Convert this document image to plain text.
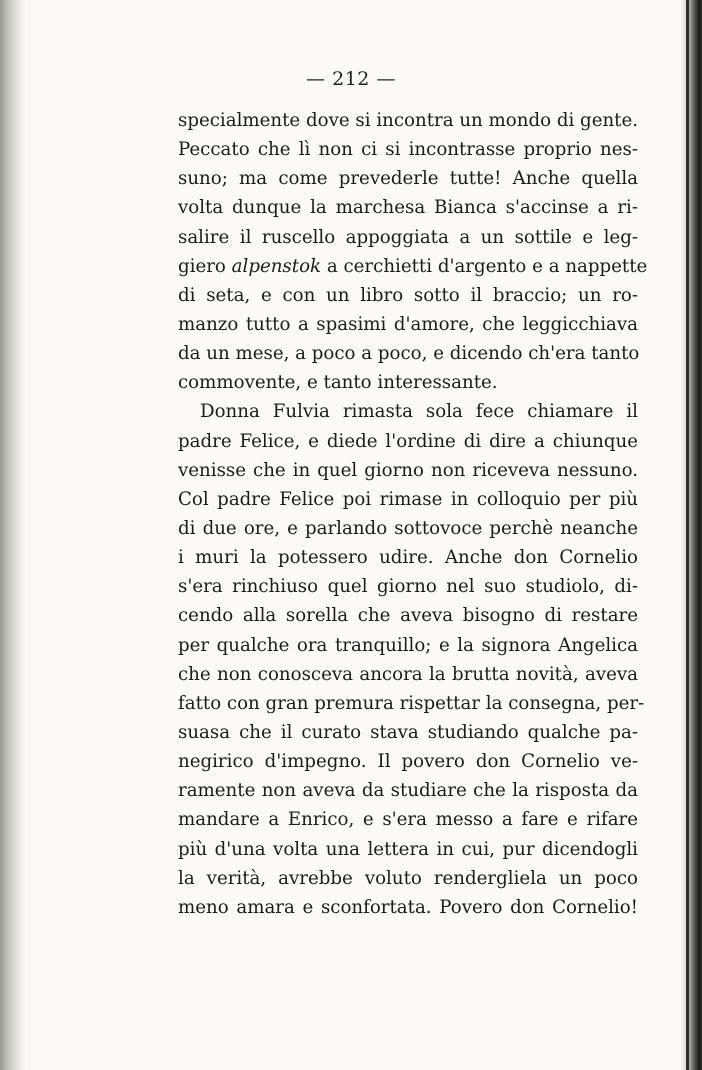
— 212 —
specialmente dove si incontra un mondo di gente.
Peccato che lì non ci si incontrasse proprio nes-
suno; ma come prevederle tutte! Anche quella
volta dunque la marchesa Bianca s'accinse a ri-
salire il ruscello appoggiata a un sottile e leg-
giero alpenstok a cerchietti d'argento e a nappette
di seta, e con un libro sotto il braccio; un ro-
manzo tutto a spasimi d'amore, che leggicchiava
da un mese, a poco a poco, e dicendo ch'era tanto
commovente, e tanto interessante.
Donna Fulvia rimasta sola fece chiamare il
padre Felice, e diede l'ordine di dire a chiunque
venisse che in quel giorno non riceveva nessuno.
Col padre Felice poi rimase in colloquio per più
di due ore, e parlando sottovoce perchè neanche
i muri la potessero udire. Anche don Cornelio
s'era rinchiuso quel giorno nel suo studiolo, di-
cendo alla sorella che aveva bisogno di restare
per qualche ora tranquillo; e la signora Angelica
che non conosceva ancora la brutta novità, aveva
fatto con gran premura rispettar la consegna, per-
suasa che il curato stava studiando qualche pa-
negirico d'impegno. Il povero don Cornelio ve-
ramente non aveva da studiare che la risposta da
mandare a Enrico, e s'era messo a fare e rifare
più d'una volta una lettera in cui, pur dicendogli
la verità, avrebbe voluto rendergliela un poco
meno amara e sconfortata. Povero don Cornelio!
